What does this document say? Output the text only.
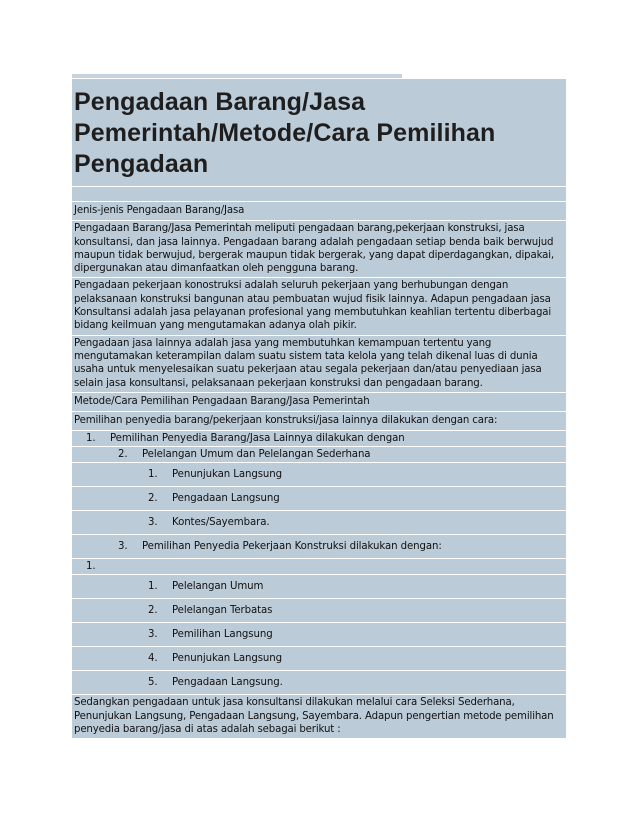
Pengadaan Barang/Jasa Pemerintah/Metode/Cara Pemilihan Pengadaan
Jenis-jenis Pengadaan Barang/Jasa
Pengadaan Barang/Jasa Pemerintah meliputi pengadaan barang,pekerjaan konstruksi, jasa konsultansi, dan jasa lainnya. Pengadaan barang adalah pengadaan setiap benda baik berwujud maupun tidak berwujud, bergerak maupun tidak bergerak, yang dapat diperdagangkan, dipakai, dipergunakan atau dimanfaatkan oleh pengguna barang.
Pengadaan pekerjaan konostruksi adalah seluruh pekerjaan yang berhubungan dengan pelaksanaan konstruksi bangunan atau pembuatan wujud fisik lainnya. Adapun pengadaan jasa Konsultansi adalah jasa pelayanan profesional yang membutuhkan keahlian tertentu diberbagai bidang keilmuan yang mengutamakan adanya olah pikir.
Pengadaan jasa lainnya adalah jasa yang membutuhkan kemampuan tertentu yang mengutamakan keterampilan dalam suatu sistem tata kelola yang telah dikenal luas di dunia usaha untuk menyelesaikan suatu pekerjaan atau segala pekerjaan dan/atau penyediaan jasa selain jasa konsultansi, pelaksanaan pekerjaan konstruksi dan pengadaan barang.
Metode/Cara Pemilihan Pengadaan Barang/Jasa Pemerintah
Pemilihan penyedia barang/pekerjaan konstruksi/jasa lainnya dilakukan dengan cara:
1.	Pemilihan Penyedia Barang/Jasa Lainnya dilakukan dengan
2.	Pelelangan Umum dan Pelelangan Sederhana
1.	Penunjukan Langsung
2.	Pengadaan Langsung
3.	Kontes/Sayembara.
3.	Pemilihan Penyedia Pekerjaan Konstruksi dilakukan dengan:
1.
1.	Pelelangan Umum
2.	Pelelangan Terbatas
3.	Pemilihan Langsung
4.	Penunjukan Langsung
5.	Pengadaan Langsung.
Sedangkan pengadaan untuk jasa konsultansi dilakukan melalui cara Seleksi Sederhana, Penunjukan Langsung, Pengadaan Langsung, Sayembara. Adapun pengertian metode pemilihan penyedia barang/jasa di atas adalah sebagai berikut :
